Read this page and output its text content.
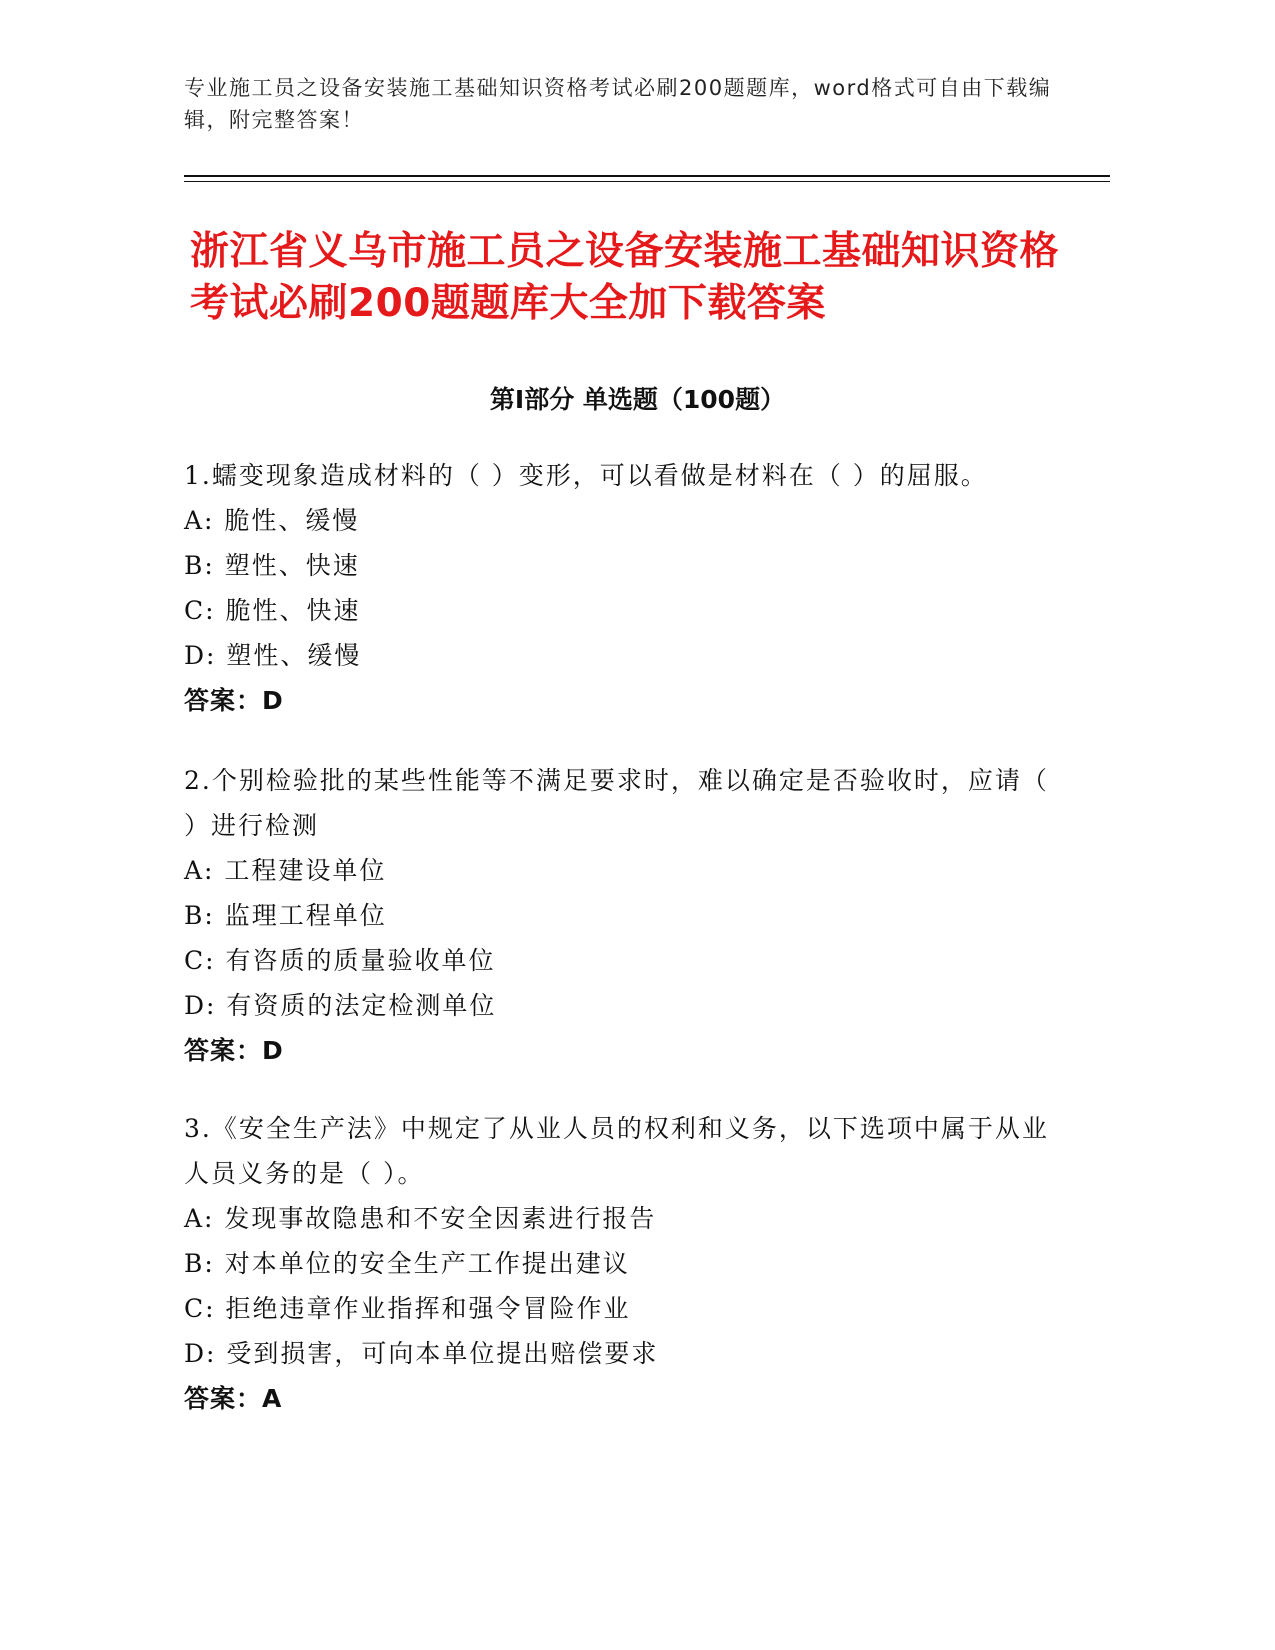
专业施工员之设备安装施工基础知识资格考试必刷200题题库，word格式可自由下载编辑，附完整答案！
浙江省义乌市施工员之设备安装施工基础知识资格考试必刷200题题库大全加下载答案
第I部分 单选题（100题）
1.蠕变现象造成材料的（ ）变形，可以看做是材料在（ ）的屈服。
A: 脆性、缓慢
B: 塑性、快速
C: 脆性、快速
D: 塑性、缓慢
答案：D
2.个别检验批的某些性能等不满足要求时，难以确定是否验收时，应请（ ）进行检测
A: 工程建设单位
B: 监理工程单位
C: 有咨质的质量验收单位
D: 有资质的法定检测单位
答案：D
3.《安全生产法》中规定了从业人员的权利和义务，以下选项中属于从业人员义务的是（ ）。
A: 发现事故隐患和不安全因素进行报告
B: 对本单位的安全生产工作提出建议
C: 拒绝违章作业指挥和强令冒险作业
D: 受到损害，可向本单位提出赔偿要求
答案：A
